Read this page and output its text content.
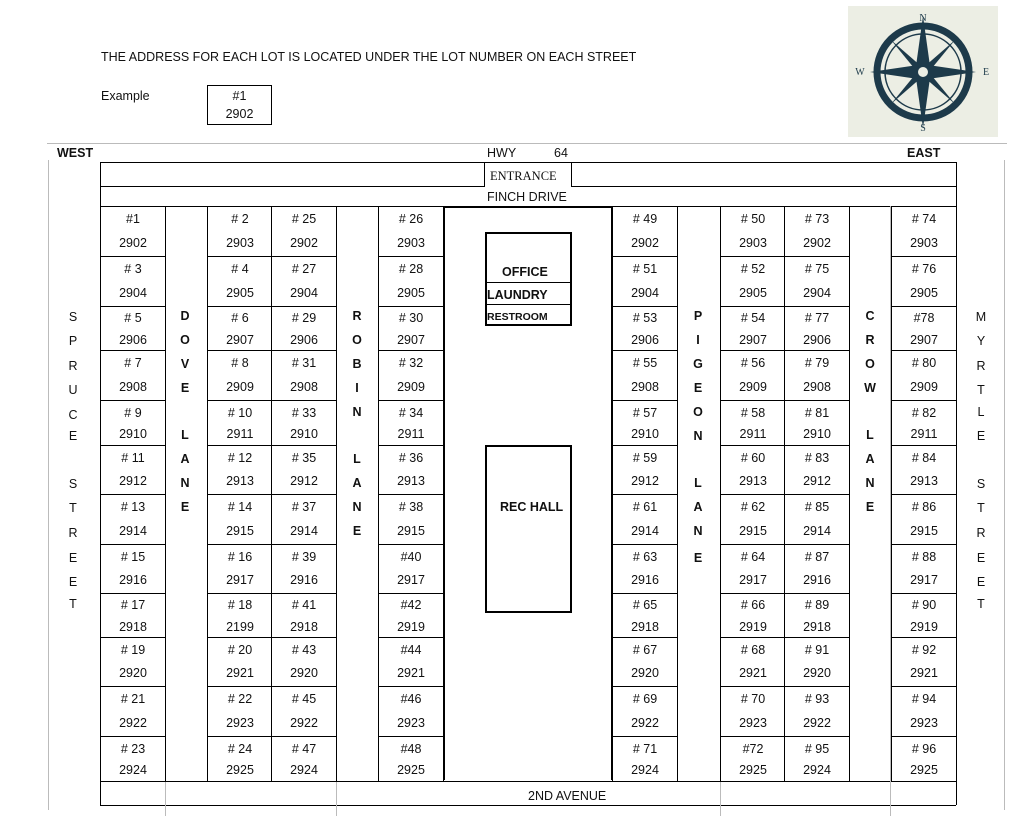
THE ADDRESS FOR EACH LOT IS LOCATED UNDER THE LOT NUMBER ON EACH STREET
Example	#1
2902
N
S
W	E
WEST	EAST
HWY	64
ENTRANCE
FINCH DRIVE
OFFICE
LAUNDRY
RESTROOM
REC HALL
2ND AVENUE
#1
2902
# 3
2904
# 5
2906
# 7
2908
# 9
2910
# 11
2912
# 13
2914
# 15
2916
# 17
2918
# 19
2920
# 21
2922
# 23
2924
# 2
2903
# 4
2905
# 6
2907
# 8
2909
# 10
2911
# 12
2913
# 14
2915
# 16
2917
# 18
2199
# 20
2921
# 22
2923
# 24
2925
# 25
2902
# 27
2904
# 29
2906
# 31
2908
# 33
2910
# 35
2912
# 37
2914
# 39
2916
# 41
2918
# 43
2920
# 45
2922
# 47
2924
# 26
2903
# 28
2905
# 30
2907
# 32
2909
# 34
2911
# 36
2913
# 38
2915
#40
2917
#42
2919
#44
2921
#46
2923
#48
2925
# 49
2902
# 51
2904
# 53
2906
# 55
2908
# 57
2910
# 59
2912
# 61
2914
# 63
2916
# 65
2918
# 67
2920
# 69
2922
# 71
2924
# 50
2903
# 52
2905
# 54
2907
# 56
2909
# 58
2911
# 60
2913
# 62
2915
# 64
2917
# 66
2919
# 68
2921
# 70
2923
#72
2925
# 73
2902
# 75
2904
# 77
2906
# 79
2908
# 81
2910
# 83
2912
# 85
2914
# 87
2916
# 89
2918
# 91
2920
# 93
2922
# 95
2924
# 74
2903
# 76
2905
#78
2907
# 80
2909
# 82
2911
# 84
2913
# 86
2915
# 88
2917
# 90
2919
# 92
2921
# 94
2923
# 96
2925
S
P
R
U
C
E
S
T
R
E
E
T
D
O
V
E
L
A
N
E
R
O
B
I
N
L
A
N
E
P
I
G
E
O
N
L
A
N
E
C
R
O
W
L
A
N
E
M
Y
R
T
L
E
S
T
R
E
E
T
